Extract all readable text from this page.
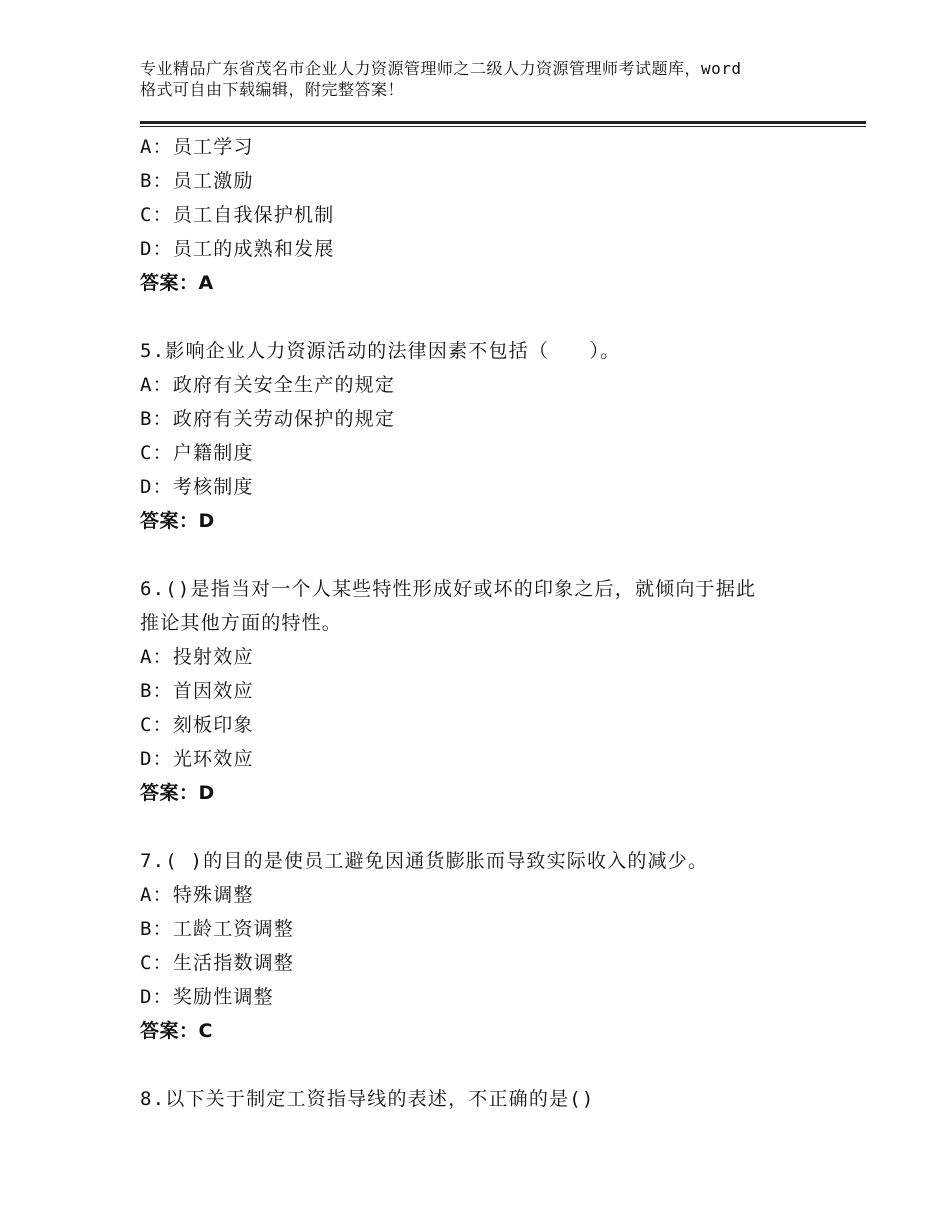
专业精品广东省茂名市企业人力资源管理师之二级人力资源管理师考试题库，word
格式可自由下载编辑，附完整答案！
A：员工学习
B：员工激励
C：员工自我保护机制
D：员工的成熟和发展
答案：A
5.影响企业人力资源活动的法律因素不包括（　　）。
A：政府有关安全生产的规定
B：政府有关劳动保护的规定
C：户籍制度
D：考核制度
答案：D
6.()是指当对一个人某些特性形成好或坏的印象之后，就倾向于据此
推论其他方面的特性。
A：投射效应
B：首因效应
C：刻板印象
D：光环效应
答案：D
7.( )的目的是使员工避免因通货膨胀而导致实际收入的减少。
A：特殊调整
B：工龄工资调整
C：生活指数调整
D：奖励性调整
答案：C
8.以下关于制定工资指导线的表述，不正确的是()
